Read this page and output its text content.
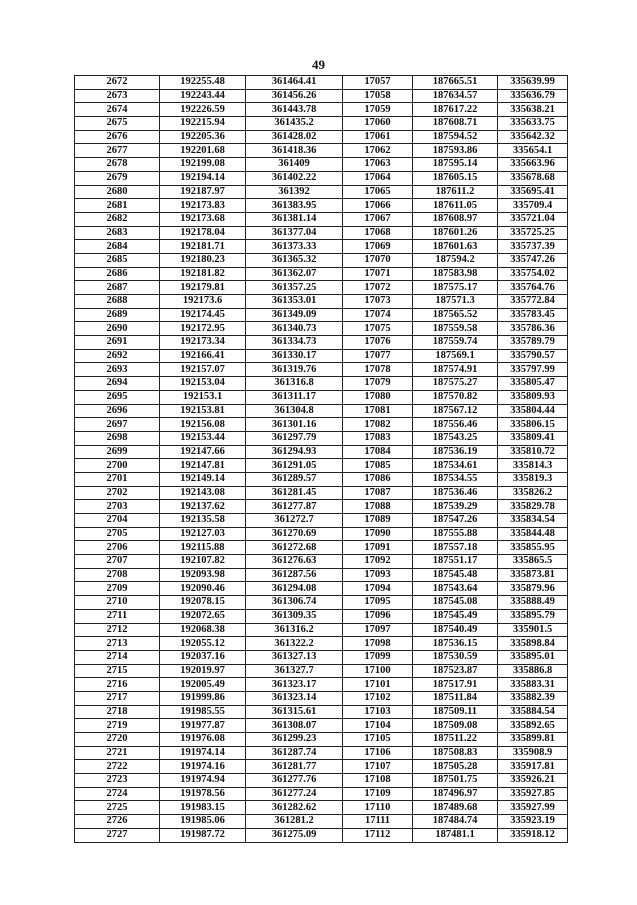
49
2672	192255.48	361464.41	17057	187665.51	335639.99
2673	192243.44	361456.26	17058	187634.57	335636.79
2674	192226.59	361443.78	17059	187617.22	335638.21
2675	192215.94	361435.2	17060	187608.71	335633.75
2676	192205.36	361428.02	17061	187594.52	335642.32
2677	192201.68	361418.36	17062	187593.86	335654.1
2678	192199.08	361409	17063	187595.14	335663.96
2679	192194.14	361402.22	17064	187605.15	335678.68
2680	192187.97	361392	17065	187611.2	335695.41
2681	192173.83	361383.95	17066	187611.05	335709.4
2682	192173.68	361381.14	17067	187608.97	335721.04
2683	192178.04	361377.04	17068	187601.26	335725.25
2684	192181.71	361373.33	17069	187601.63	335737.39
2685	192180.23	361365.32	17070	187594.2	335747.26
2686	192181.82	361362.07	17071	187583.98	335754.02
2687	192179.81	361357.25	17072	187575.17	335764.76
2688	192173.6	361353.01	17073	187571.3	335772.84
2689	192174.45	361349.09	17074	187565.52	335783.45
2690	192172.95	361340.73	17075	187559.58	335786.36
2691	192173.34	361334.73	17076	187559.74	335789.79
2692	192166.41	361330.17	17077	187569.1	335790.57
2693	192157.07	361319.76	17078	187574.91	335797.99
2694	192153.04	361316.8	17079	187575.27	335805.47
2695	192153.1	361311.17	17080	187570.82	335809.93
2696	192153.81	361304.8	17081	187567.12	335804.44
2697	192156.08	361301.16	17082	187556.46	335806.15
2698	192153.44	361297.79	17083	187543.25	335809.41
2699	192147.66	361294.93	17084	187536.19	335810.72
2700	192147.81	361291.05	17085	187534.61	335814.3
2701	192149.14	361289.57	17086	187534.55	335819.3
2702	192143.08	361281.45	17087	187536.46	335826.2
2703	192137.62	361277.87	17088	187539.29	335829.78
2704	192135.58	361272.7	17089	187547.26	335834.54
2705	192127.03	361270.69	17090	187555.88	335844.48
2706	192115.88	361272.68	17091	187557.18	335855.95
2707	192107.82	361276.63	17092	187551.17	335865.5
2708	192093.98	361287.56	17093	187545.48	335873.81
2709	192090.46	361294.08	17094	187543.64	335879.96
2710	192078.15	361306.74	17095	187545.08	335888.49
2711	192072.65	361309.35	17096	187545.49	335895.79
2712	192068.38	361316.2	17097	187540.49	335901.5
2713	192055.12	361322.2	17098	187536.15	335898.84
2714	192037.16	361327.13	17099	187530.59	335895.01
2715	192019.97	361327.7	17100	187523.87	335886.8
2716	192005.49	361323.17	17101	187517.91	335883.31
2717	191999.86	361323.14	17102	187511.84	335882.39
2718	191985.55	361315.61	17103	187509.11	335884.54
2719	191977.87	361308.07	17104	187509.08	335892.65
2720	191976.08	361299.23	17105	187511.22	335899.81
2721	191974.14	361287.74	17106	187508.83	335908.9
2722	191974.16	361281.77	17107	187505.28	335917.81
2723	191974.94	361277.76	17108	187501.75	335926.21
2724	191978.56	361277.24	17109	187496.97	335927.85
2725	191983.15	361282.62	17110	187489.68	335927.99
2726	191985.06	361281.2	17111	187484.74	335923.19
2727	191987.72	361275.09	17112	187481.1	335918.12
